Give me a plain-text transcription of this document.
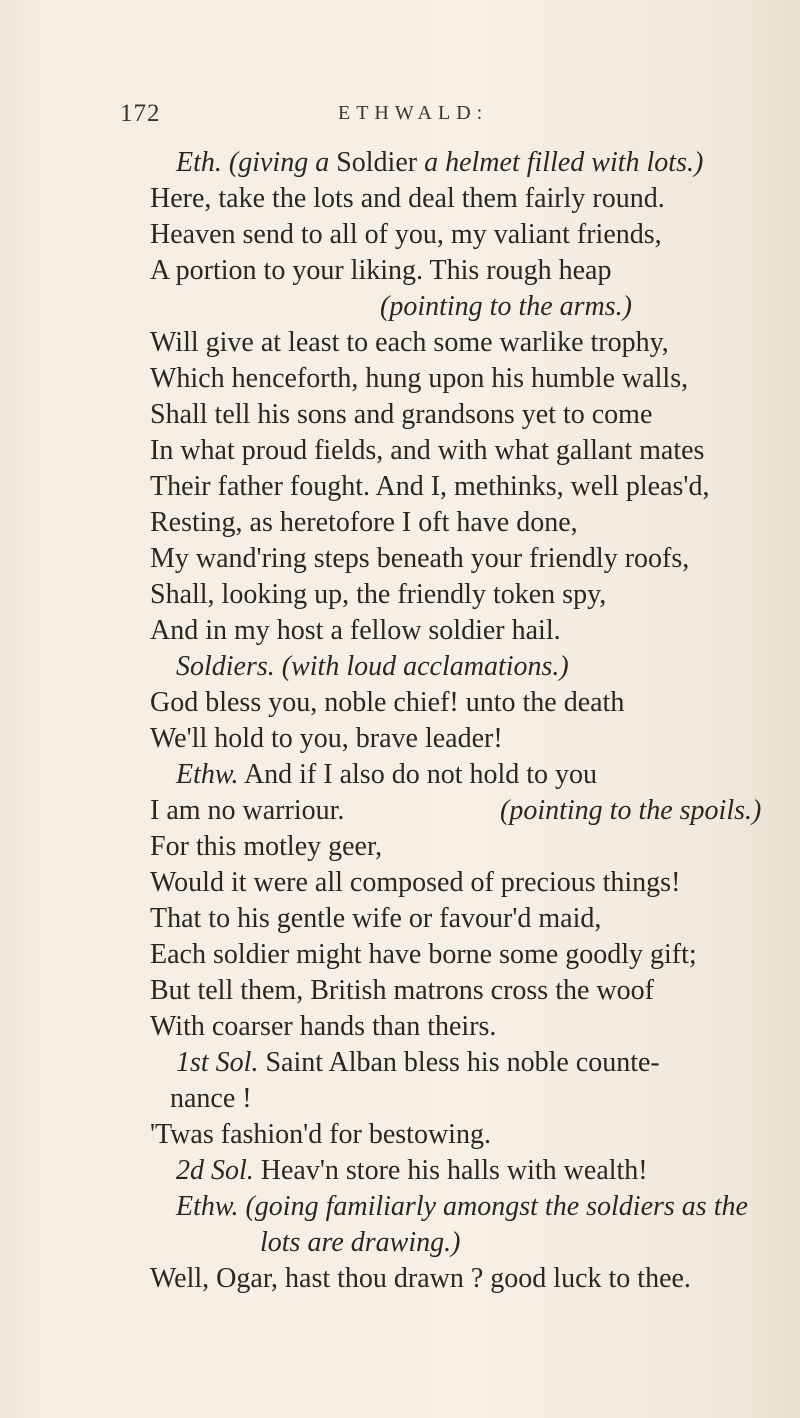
172	ETHWALD:
Eth. (giving a Soldier a helmet filled with lots.)
Here, take the lots and deal them fairly round.
Heaven send to all of you, my valiant friends,
A portion to your liking. This rough heap
(pointing to the arms.)
Will give at least to each some warlike trophy,
Which henceforth, hung upon his humble walls,
Shall tell his sons and grandsons yet to come
In what proud fields, and with what gallant mates
Their father fought. And I, methinks, well pleas'd,
Resting, as heretofore I oft have done,
My wand'ring steps beneath your friendly roofs,
Shall, looking up, the friendly token spy,
And in my host a fellow soldier hail.
Soldiers. (with loud acclamations.)
God bless you, noble chief! unto the death
We'll hold to you, brave leader!
Ethw. And if I also do not hold to you
I am no warriour.	(pointing to the spoils.)
For this motley geer,
Would it were all composed of precious things!
That to his gentle wife or favour'd maid,
Each soldier might have borne some goodly gift;
But tell them, British matrons cross the woof
With coarser hands than theirs.
1st Sol. Saint Alban bless his noble counte-
nance !
'Twas fashion'd for bestowing.
2d Sol. Heav'n store his halls with wealth!
Ethw. (going familiarly amongst the soldiers as the
lots are drawing.)
Well, Ogar, hast thou drawn ? good luck to thee.
